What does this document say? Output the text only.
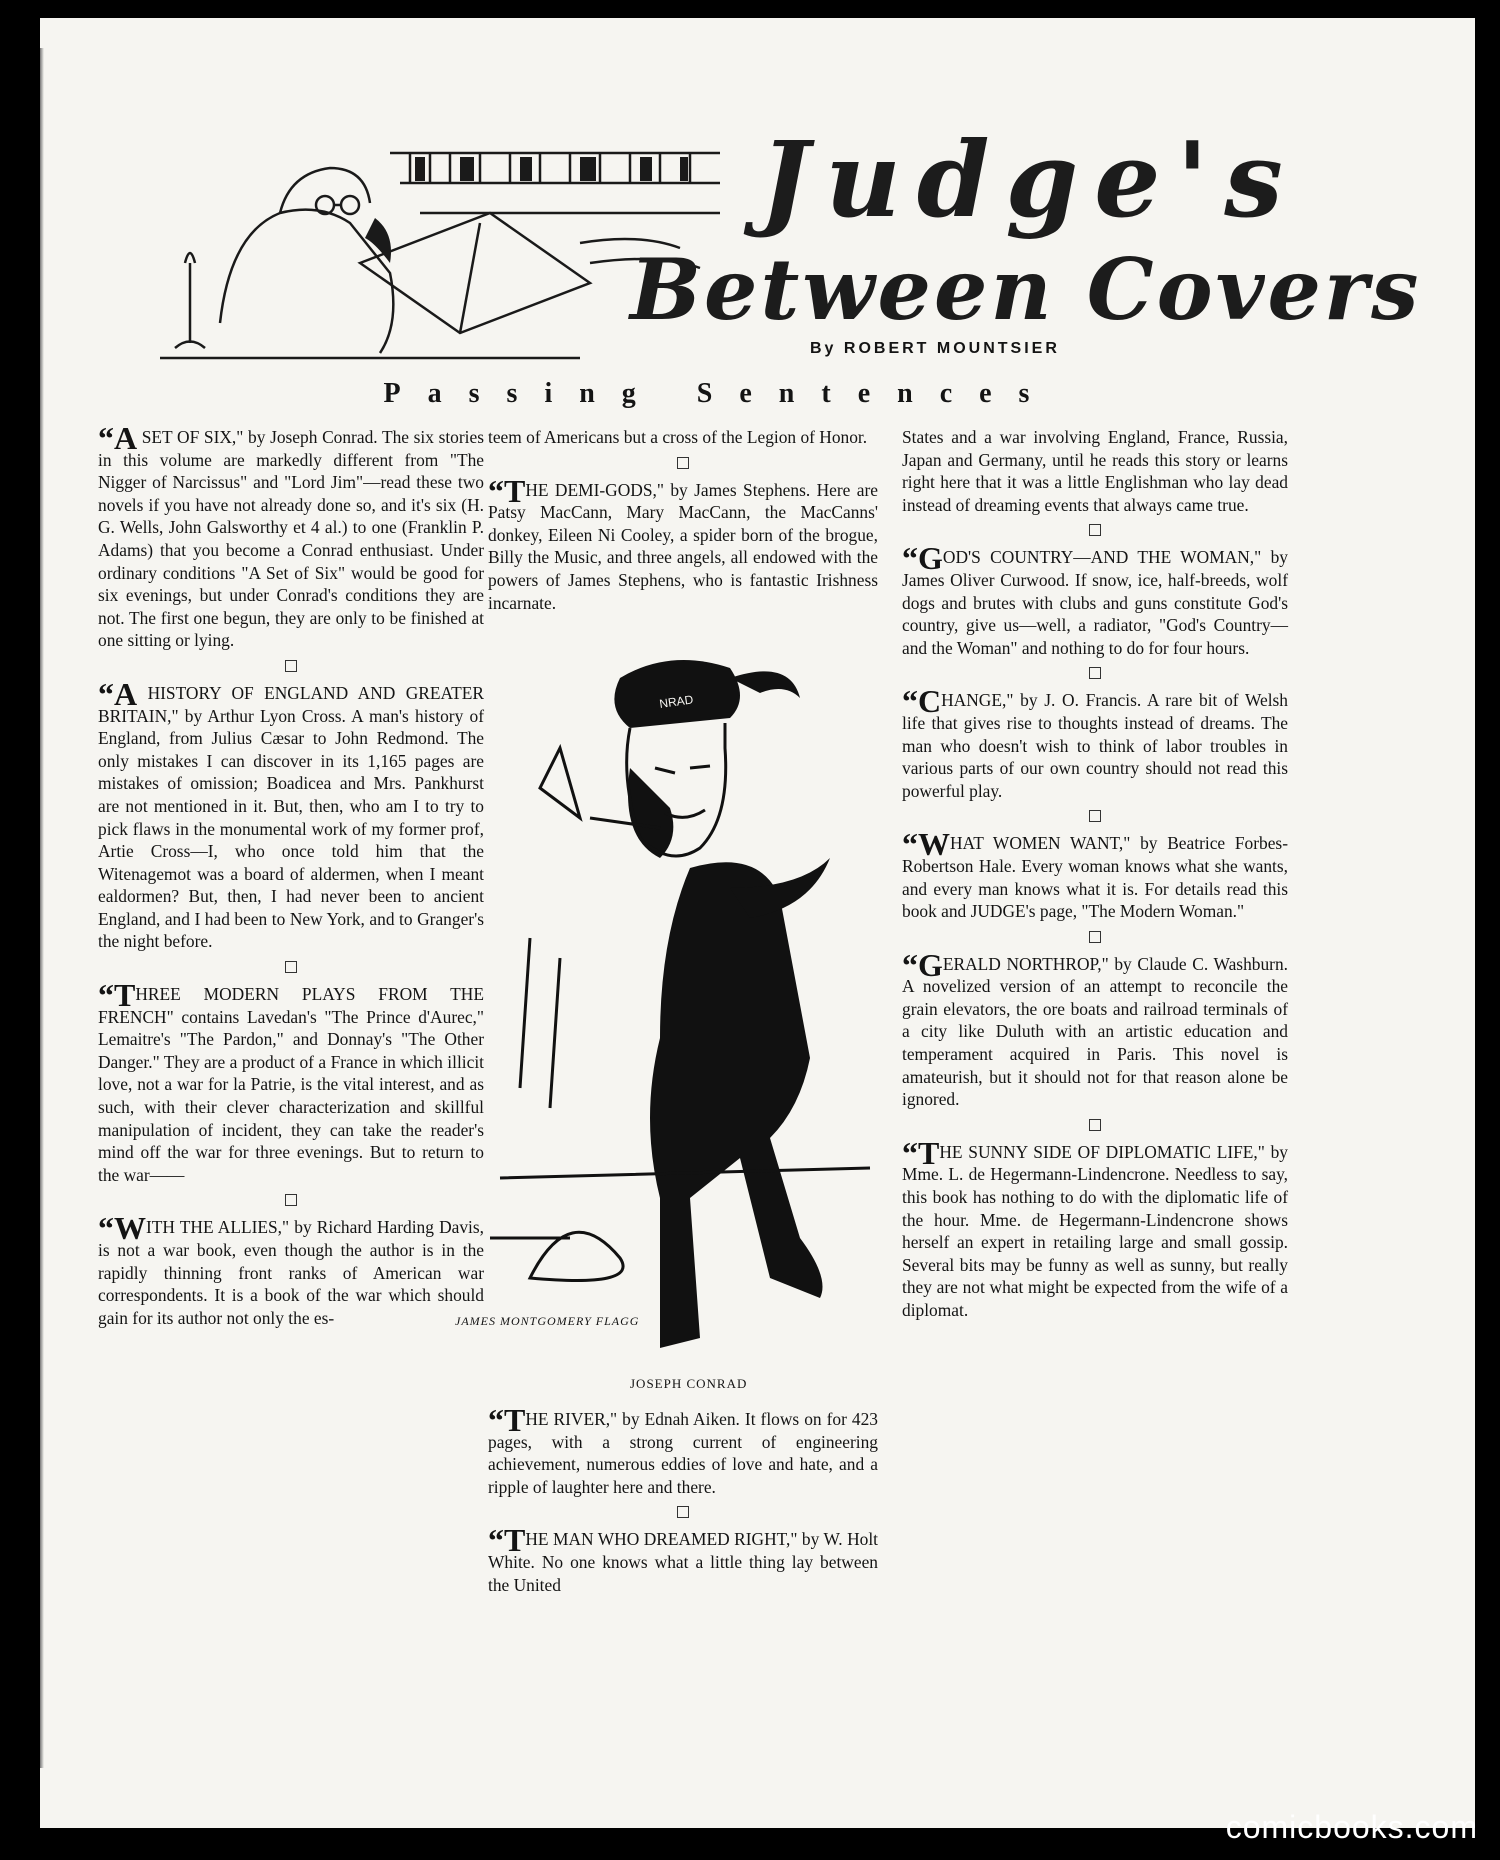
Judge's
Between Covers
By ROBERT MOUNTSIER
Passing Sentences

“A SET OF SIX," by Joseph Conrad. The six stories in this volume are markedly different from "The Nigger of Narcissus" and "Lord Jim"—read these two novels if you have not already done so, and it's six (H. G. Wells, John Galsworthy et 4 al.) to one (Franklin P. Adams) that you become a Conrad enthusiast. Under ordinary conditions "A Set of Six" would be good for six evenings, but under Conrad's conditions they are not. The first one begun, they are only to be finished at one sitting or lying.

“A HISTORY OF ENGLAND AND GREATER BRITAIN," by Arthur Lyon Cross. A man's history of England, from Julius Cæsar to John Redmond. The only mistakes I can discover in its 1,165 pages are mistakes of omission; Boadicea and Mrs. Pankhurst are not mentioned in it. But, then, who am I to try to pick flaws in the monumental work of my former prof, Artie Cross—I, who once told him that the Witenagemot was a board of aldermen, when I meant ealdormen? But, then, I had never been to ancient England, and I had been to New York, and to Granger's the night before.

“THREE MODERN PLAYS FROM THE FRENCH" contains Lavedan's "The Prince d'Aurec," Lemaitre's "The Pardon," and Donnay's "The Other Danger." They are a product of a France in which illicit love, not a war for la Patrie, is the vital interest, and as such, with their clever characterization and skillful manipulation of incident, they can take the reader's mind off the war for three evenings. But to return to the war——

“WITH THE ALLIES," by Richard Harding Davis, is not a war book, even though the author is in the rapidly thinning front ranks of American war correspondents. It is a book of the war which should gain for its author not only the es-

teem of Americans but a cross of the Legion of Honor.

“THE DEMI-GODS," by James Stephens. Here are Patsy MacCann, Mary MacCann, the MacCanns' donkey, Eileen Ni Cooley, a spider born of the brogue, Billy the Music, and three angels, all endowed with the powers of James Stephens, who is fantastic Irishness incarnate.

NRAD
JAMES MONTGOMERY FLAGG
JOSEPH CONRAD

“THE RIVER," by Ednah Aiken. It flows on for 423 pages, with a strong current of engineering achievement, numerous eddies of love and hate, and a ripple of laughter here and there.

“THE MAN WHO DREAMED RIGHT," by W. Holt White. No one knows what a little thing lay between the United

States and a war involving England, France, Russia, Japan and Germany, until he reads this story or learns right here that it was a little Englishman who lay dead instead of dreaming events that always came true.

“GOD'S COUNTRY—AND THE WOMAN," by James Oliver Curwood. If snow, ice, half-breeds, wolf dogs and brutes with clubs and guns constitute God's country, give us—well, a radiator, "God's Country—and the Woman" and nothing to do for four hours.

“CHANGE," by J. O. Francis. A rare bit of Welsh life that gives rise to thoughts instead of dreams. The man who doesn't wish to think of labor troubles in various parts of our own country should not read this powerful play.

“WHAT WOMEN WANT," by Beatrice Forbes-Robertson Hale. Every woman knows what she wants, and every man knows what it is. For details read this book and JUDGE's page, "The Modern Woman."

“GERALD NORTHROP," by Claude C. Washburn. A novelized version of an attempt to reconcile the grain elevators, the ore boats and railroad terminals of a city like Duluth with an artistic education and temperament acquired in Paris. This novel is amateurish, but it should not for that reason alone be ignored.

“THE SUNNY SIDE OF DIPLOMATIC LIFE," by Mme. L. de Hegermann-Lindencrone. Needless to say, this book has nothing to do with the diplomatic life of the hour. Mme. de Hegermann-Lindencrone shows herself an expert in retailing large and small gossip. Several bits may be funny as well as sunny, but really they are not what might be expected from the wife of a diplomat.

comicbooks.com
